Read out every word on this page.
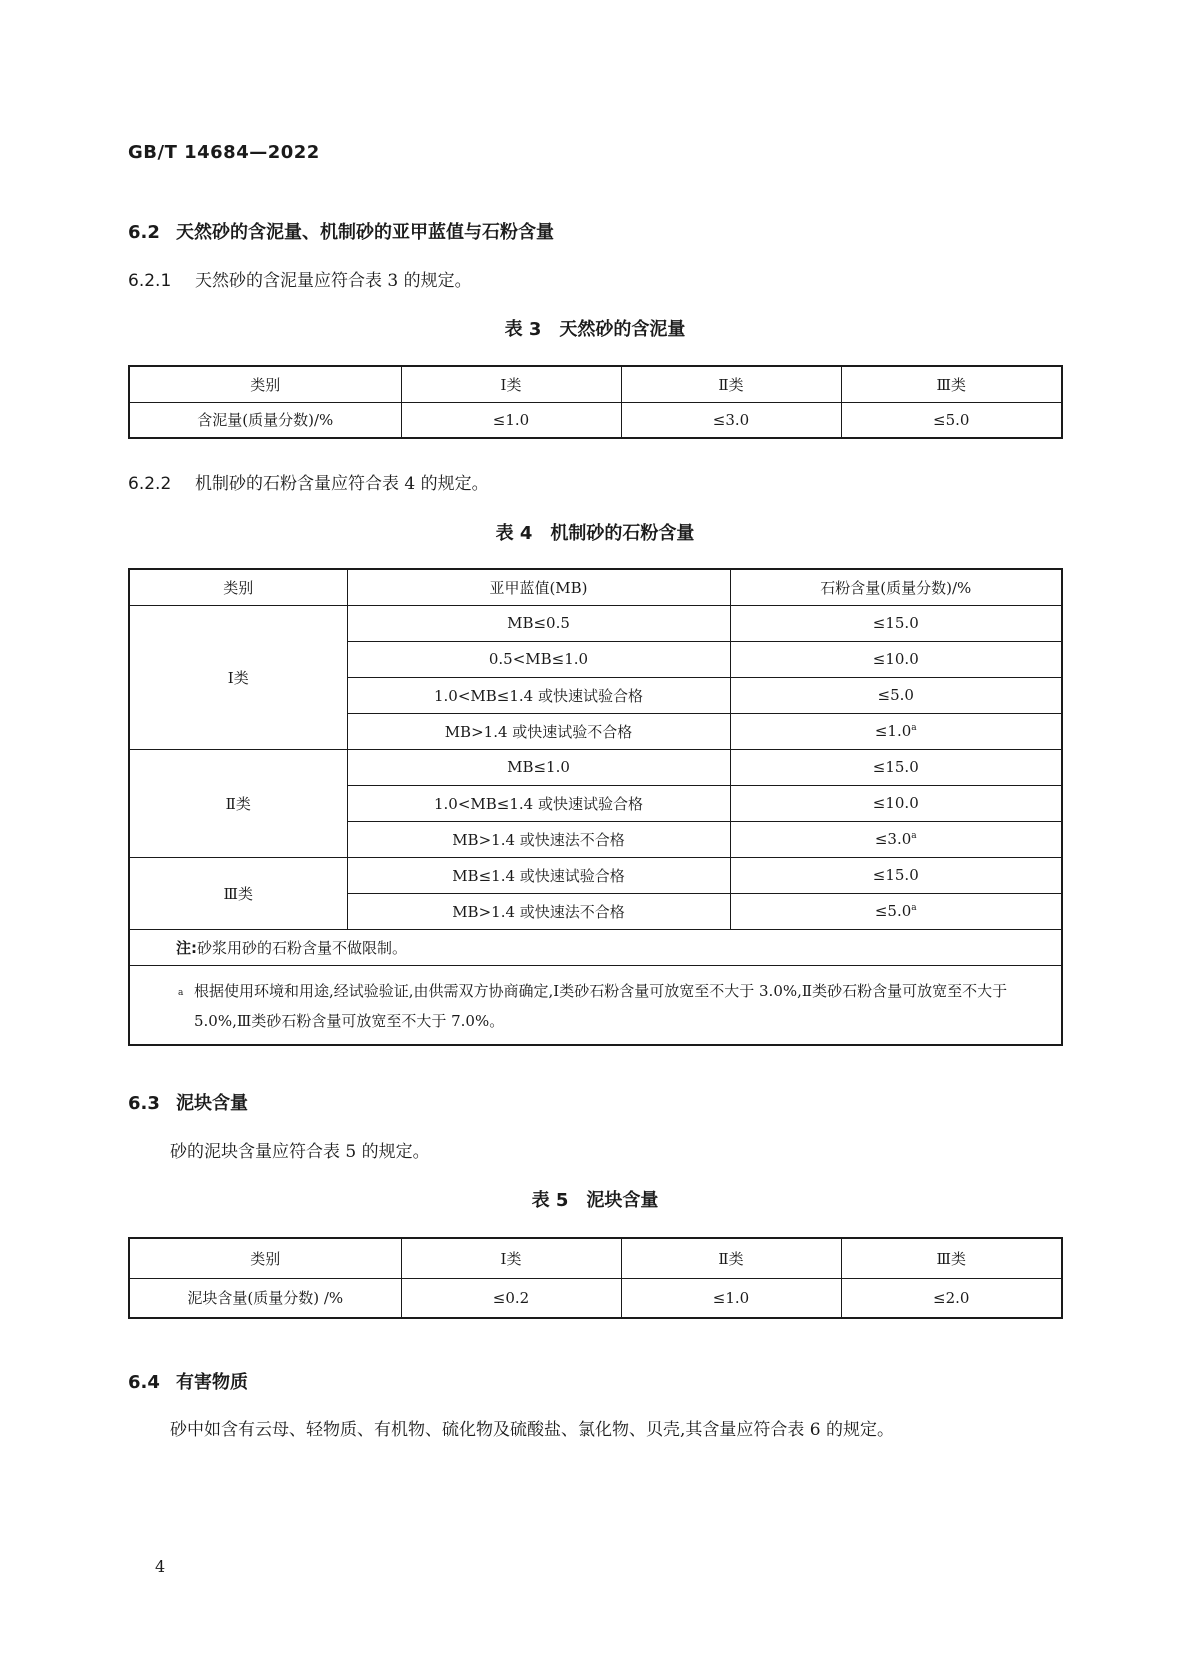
GB/T 14684—2022
6.2 天然砂的含泥量、机制砂的亚甲蓝值与石粉含量
6.2.1 天然砂的含泥量应符合表 3 的规定。
表 3 天然砂的含泥量
类别	Ⅰ类	Ⅱ类	Ⅲ类
含泥量(质量分数)/%	≤1.0	≤3.0	≤5.0
6.2.2 机制砂的石粉含量应符合表 4 的规定。
表 4 机制砂的石粉含量
类别	亚甲蓝值(MB)	石粉含量(质量分数)/%
Ⅰ类	MB≤0.5	≤15.0
	0.5<MB≤1.0	≤10.0
	1.0<MB≤1.4 或快速试验合格	≤5.0
	MB>1.4 或快速试验不合格	≤1.0$^a$
Ⅱ类	MB≤1.0	≤15.0
	1.0<MB≤1.4 或快速试验合格	≤10.0
	MB>1.4 或快速法不合格	≤3.0$^a$
Ⅲ类	MB≤1.4 或快速试验合格	≤15.0
	MB>1.4 或快速法不合格	≤5.0$^a$
注:砂浆用砂的石粉含量不做限制。		

a 根据使用环境和用途,经试验验证,由供需双方协商确定,Ⅰ类砂石粉含量可放宽至不大于 3.0%,Ⅱ类砂石粉含量可放宽至不大于 5.0%,Ⅲ类砂石粉含量可放宽至不大于 7.0%。		
6.3 泥块含量
砂的泥块含量应符合表 5 的规定。
表 5 泥块含量
类别	Ⅰ类	Ⅱ类	Ⅲ类
泥块含量(质量分数) /%	≤0.2	≤1.0	≤2.0
6.4 有害物质
砂中如含有云母、轻物质、有机物、硫化物及硫酸盐、氯化物、贝壳,其含量应符合表 6 的规定。
4
